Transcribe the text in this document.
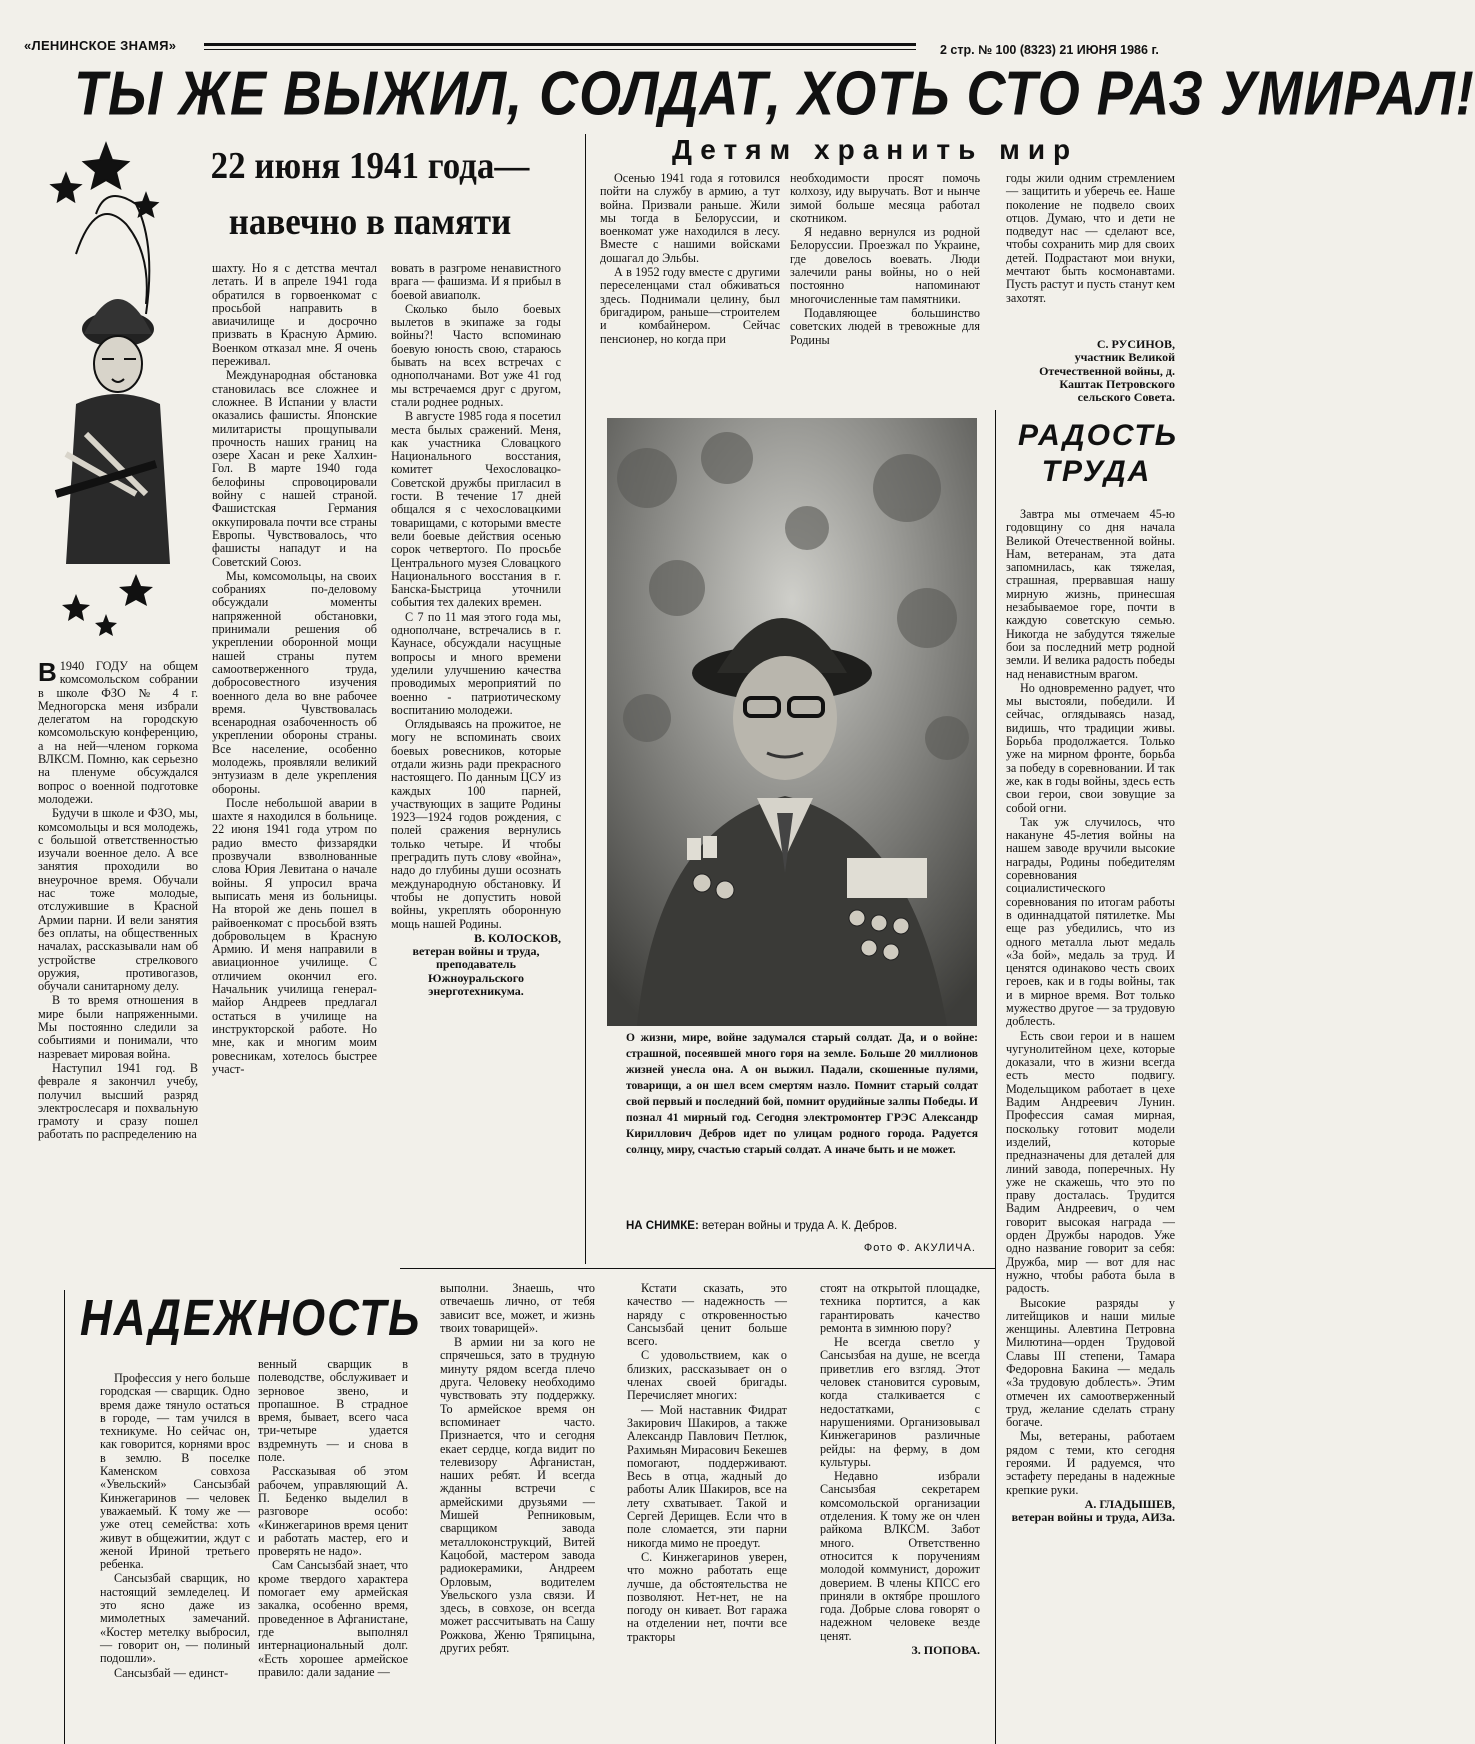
«ЛЕНИНСКОЕ ЗНАМЯ»	2 стр. № 100 (8323) 21 ИЮНЯ 1986 г.
ТЫ ЖЕ ВЫЖИЛ, СОЛДАТ, ХОТЬ СТО РАЗ УМИРАЛ!
22 июня 1941 года—
навечно в памяти

В 1940 ГОДУ на общем комсомольском собрании в школе ФЗО № 4 г. Медногорска меня избрали делегатом на городскую комсомольскую конференцию, а на ней—членом горкома ВЛКСМ. Помню, как серьезно на пленуме обсуждался вопрос о военной подготовке молодежи.

Будучи в школе и ФЗО, мы, комсомольцы и вся молодежь, с большой ответственностью изучали военное дело. А все занятия проходили во внеурочное время. Обучали нас тоже молодые, отслужившие в Красной Армии парни. И вели занятия без оплаты, на общественных началах, рассказывали нам об устройстве стрелкового оружия, противогазов, обучали санитарному делу.

В то время отношения в мире были напряженными. Мы постоянно следили за событиями и понимали, что назревает мировая война.

Наступил 1941 год. В феврале я закончил учебу, получил высший разряд электрослесаря и похвальную грамоту и сразу пошел работать по распределению на

шахту. Но я с детства мечтал летать. И в апреле 1941 года обратился в горвоенкомат с просьбой направить в авиачилище и досрочно призвать в Красную Армию. Военком отказал мне. Я очень переживал.

Международная обстановка становилась все сложнее и сложнее. В Испании у власти оказались фашисты. Японские милитаристы прощупывали прочность наших границ на озере Хасан и реке Халхин-Гол. В марте 1940 года белофины спровоцировали войну с нашей страной. Фашистская Германия оккупировала почти все страны Европы. Чувствовалось, что фашисты нападут и на Советский Союз.

Мы, комсомольцы, на своих собраниях по-деловому обсуждали моменты напряженной обстановки, принимали решения об укреплении оборонной мощи нашей страны путем самоотверженного труда, добросовестного изучения военного дела во вне рабочее время. Чувствовалась всенародная озабоченность об укреплении обороны страны. Все население, особенно молодежь, проявляли великий энтузиазм в деле укрепления обороны.

После небольшой аварии в шахте я находился в больнице. 22 июня 1941 года утром по радио вместо физзарядки прозвучали взволнованные слова Юрия Левитана о начале войны. Я упросил врача выписать меня из больницы. На второй же день пошел в райвоенкомат с просьбой взять добровольцем в Красную Армию. И меня направили в авиационное училище. С отличием окончил его. Начальник училища генерал-майор Андреев предлагал остаться в училище на инструкторской работе. Но мне, как и многим моим ровесникам, хотелось быстрее участ-

вовать в разгроме ненавистного врага — фашизма. И я прибыл в боевой авиаполк.

Сколько было боевых вылетов в экипаже за годы войны?! Часто вспоминаю боевую юность свою, стараюсь бывать на всех встречах с однополчанами. Вот уже 41 год мы встречаемся друг с другом, стали роднее родных.

В августе 1985 года я посетил места былых сражений. Меня, как участника Словацкого Национального восстания, комитет Чехословацко-Советской дружбы пригласил в гости. В течение 17 дней общался я с чехословацкими товарищами, с которыми вместе вели боевые действия осенью сорок четвертого. По просьбе Центрального музея Словацкого Национального восстания в г. Банска-Быстрица уточнили события тех далеких времен.

С 7 по 11 мая этого года мы, однополчане, встречались в г. Каунасе, обсуждали насущные вопросы и много времени уделили улучшению качества проводимых мероприятий по военно - патриотическому воспитанию молодежи.

Оглядываясь на прожитое, не могу не вспоминать своих боевых ровесников, которые отдали жизнь ради прекрасного настоящего. По данным ЦСУ из каждых 100 парней, участвующих в защите Родины 1923—1924 годов рождения, с полей сражения вернулись только четыре. И чтобы преградить путь слову «война», надо до глубины души осознать международную обстановку. И чтобы не допустить новой войны, укреплять оборонную мощь нашей Родины.

В. КОЛОСКОВ,
ветеран войны и труда, преподаватель Южноуральского энерготехникума.
Детям хранить мир

Осенью 1941 года я готовился пойти на службу в армию, а тут война. Призвали раньше. Жили мы тогда в Белоруссии, и военкомат уже находился в лесу. Вместе с нашими войсками дошагал до Эльбы.

А в 1952 году вместе с другими переселенцами стал обживаться здесь. Поднимали целину, был бригадиром, раньше—строителем и комбайнером. Сейчас пенсионер, но когда при

необходимости просят помочь колхозу, иду выручать. Вот и нынче зимой больше месяца работал скотником.

Я недавно вернулся из родной Белоруссии. Проезжал по Украине, где довелось воевать. Люди залечили раны войны, но о ней постоянно напоминают многочисленные там памятники.

Подавляющее большинство советских людей в тревожные для Родины

годы жили одним стремлением — защитить и уберечь ее. Наше поколение не подвело своих отцов. Думаю, что и дети не подведут нас — сделают все, чтобы сохранить мир для своих детей. Подрастают мои внуки, мечтают быть космонавтами. Пусть растут и пусть станут кем захотят.

С. РУСИНОВ,
участник Великой Отечественной войны, д. Каштак Петровского сельского Совета.
О жизни, мире, войне задумался старый солдат. Да, и о войне: страшной, посеявшей много горя на земле. Больше 20 миллионов жизней унесла она. А он выжил. Падали, скошенные пулями, товарищи, а он шел всем смертям назло. Помнит старый солдат свой первый и последний бой, помнит орудийные залпы Победы. И познал 41 мирный год. Сегодня электромонтер ГРЭС Александр Кириллович Дебров идет по улицам родного города. Радуется солнцу, миру, счастью старый солдат. А иначе быть и не может.
НА СНИМКЕ: ветеран войны и труда А. К. Дебров.
Фото Ф. АКУЛИЧА.
РАДОСТЬ
ТРУДА

Завтра мы отмечаем 45-ю годовщину со дня начала Великой Отечественной войны. Нам, ветеранам, эта дата запомнилась, как тяжелая, страшная, прервавшая нашу мирную жизнь, принесшая незабываемое горе, почти в каждую советскую семью. Никогда не забудутся тяжелые бои за последний метр родной земли. И велика радость победы над ненавистным врагом.

Но одновременно радует, что мы выстояли, победили. И сейчас, оглядываясь назад, видишь, что традиции живы. Борьба продолжается. Только уже на мирном фронте, борьба за победу в соревновании. И так же, как в годы войны, здесь есть свои герои, свои зовущие за собой огни.

Так уж случилось, что накануне 45-летия войны на нашем заводе вручили высокие награды, Родины победителям соревнования социалистического соревнования по итогам работы в одиннадцатой пятилетке. Мы еще раз убедились, что из одного металла льют медаль «За бой», медаль за труд. И ценятся одинаково честь своих героев, как и в годы войны, так и в мирное время. Вот только мужество другое — за трудовую доблесть.

Есть свои герои и в нашем чугунолитейном цехе, которые доказали, что в жизни всегда есть место подвигу. Модельщиком работает в цехе Вадим Андреевич Лунин. Профессия самая мирная, поскольку готовит модели изделий, которые предназначены для деталей для линий завода, поперечных. Ну уже не скажешь, что это по праву досталась. Трудится Вадим Андреевич, о чем говорит высокая награда — орден Дружбы народов. Уже одно название говорит за себя: Дружба, мир — вот для нас нужно, чтобы работа была в радость.

Высокие разряды у литейщиков и наши милые женщины. Алевтина Петровна Милютина—орден Трудовой Славы III степени, Тамара Федоровна Бакина — медаль «За трудовую доблесть». Этим отмечен их самоотверженный труд, желание сделать страну богаче.

Мы, ветераны, работаем рядом с теми, кто сегодня героями. И радуемся, что эстафету переданы в надежные крепкие руки.

А. ГЛАДЫШЕВ,
ветеран войны и труда, АИЗа.
НАДЕЖНОСТЬ

Профессия у него больше городская — сварщик. Одно время даже тянуло остаться в городе, — там учился в техникуме. Но сейчас он, как говорится, корнями врос в землю. В поселке Каменском совхоза «Увельский» Сансызбай Кинжегаринов — человек уважаемый. К тому же — уже отец семейства: хоть живут в общежитии, ждут с женой Ириной третьего ребенка.

Сансызбай сварщик, но настоящий земледелец. И это ясно даже из мимолетных замечаний. «Костер метелку выбросил, — говорит он, — полиный подошли».

Сансызбай — единст-

венный сварщик в полеводстве, обслуживает и зерновое звено, и пропашное. В страдное время, бывает, всего часа три-четыре удается вздремнуть — и снова в поле.

Рассказывая об этом рабочем, управляющий А. П. Беденко выделил в разговоре особо: «Кинжегаринов время ценит и работать мастер, его и проверять не надо».

Сам Сансызбай знает, что кроме твердого характера помогает ему армейская закалка, особенно время, проведенное в Афганистане, где выполнял интернациональный долг. «Есть хорошее армейское правило: дали задание —

выполни. Знаешь, что отвечаешь лично, от тебя зависит все, может, и жизнь твоих товарищей».

В армии ни за кого не спрячешься, зато в трудную минуту рядом всегда плечо друга. Человеку необходимо чувствовать эту поддержку. То армейское время он вспоминает часто. Признается, что и сегодня екает сердце, когда видит по телевизору Афганистан, наших ребят. И всегда жданны встречи с армейскими друзьями — Мишей Репниковым, сварщиком завода металлоконструкций, Витей Кацобой, мастером завода радиокерамики, Андреем Орловым, водителем Увельского узла связи. И здесь, в совхозе, он всегда может рассчитывать на Сашу Рожкова, Женю Тряпицына, других ребят.

Кстати сказать, это качество — надежность — наряду с откровенностью Сансызбай ценит больше всего.

С удовольствием, как о близких, рассказывает он о членах своей бригады. Перечисляет многих:

— Мой наставник Фидрат Закирович Шакиров, а также Александр Павлович Петлюк, Рахимьян Мирасович Бекешев помогают, поддерживают. Весь в отца, жадный до работы Алик Шакиров, все на лету схватывает. Такой и Сергей Дерищев. Если что в поле сломается, эти парни никогда мимо не проедут.

С. Кинжегаринов уверен, что можно работать еще лучше, да обстоятельства не позволяют. Нет-нет, не на погоду он кивает. Вот гаража на отделении нет, почти все тракторы

стоят на открытой площадке, техника портится, а как гарантировать качество ремонта в зимнюю пору?

Не всегда светло у Сансызбая на душе, не всегда приветлив его взгляд. Этот человек становится суровым, когда сталкивается с недостатками, с нарушениями. Организовывал Кинжегаринов различные рейды: на ферму, в дом культуры.

Недавно избрали Сансызбая секретарем комсомольской организации отделения. К тому же он член райкома ВЛКСМ. Забот много. Ответственно относится к поручениям молодой коммунист, дорожит доверием. В члены КПСС его приняли в октябре прошлого года. Добрые слова говорят о надежном человеке везде ценят.

З. ПОПОВА.
